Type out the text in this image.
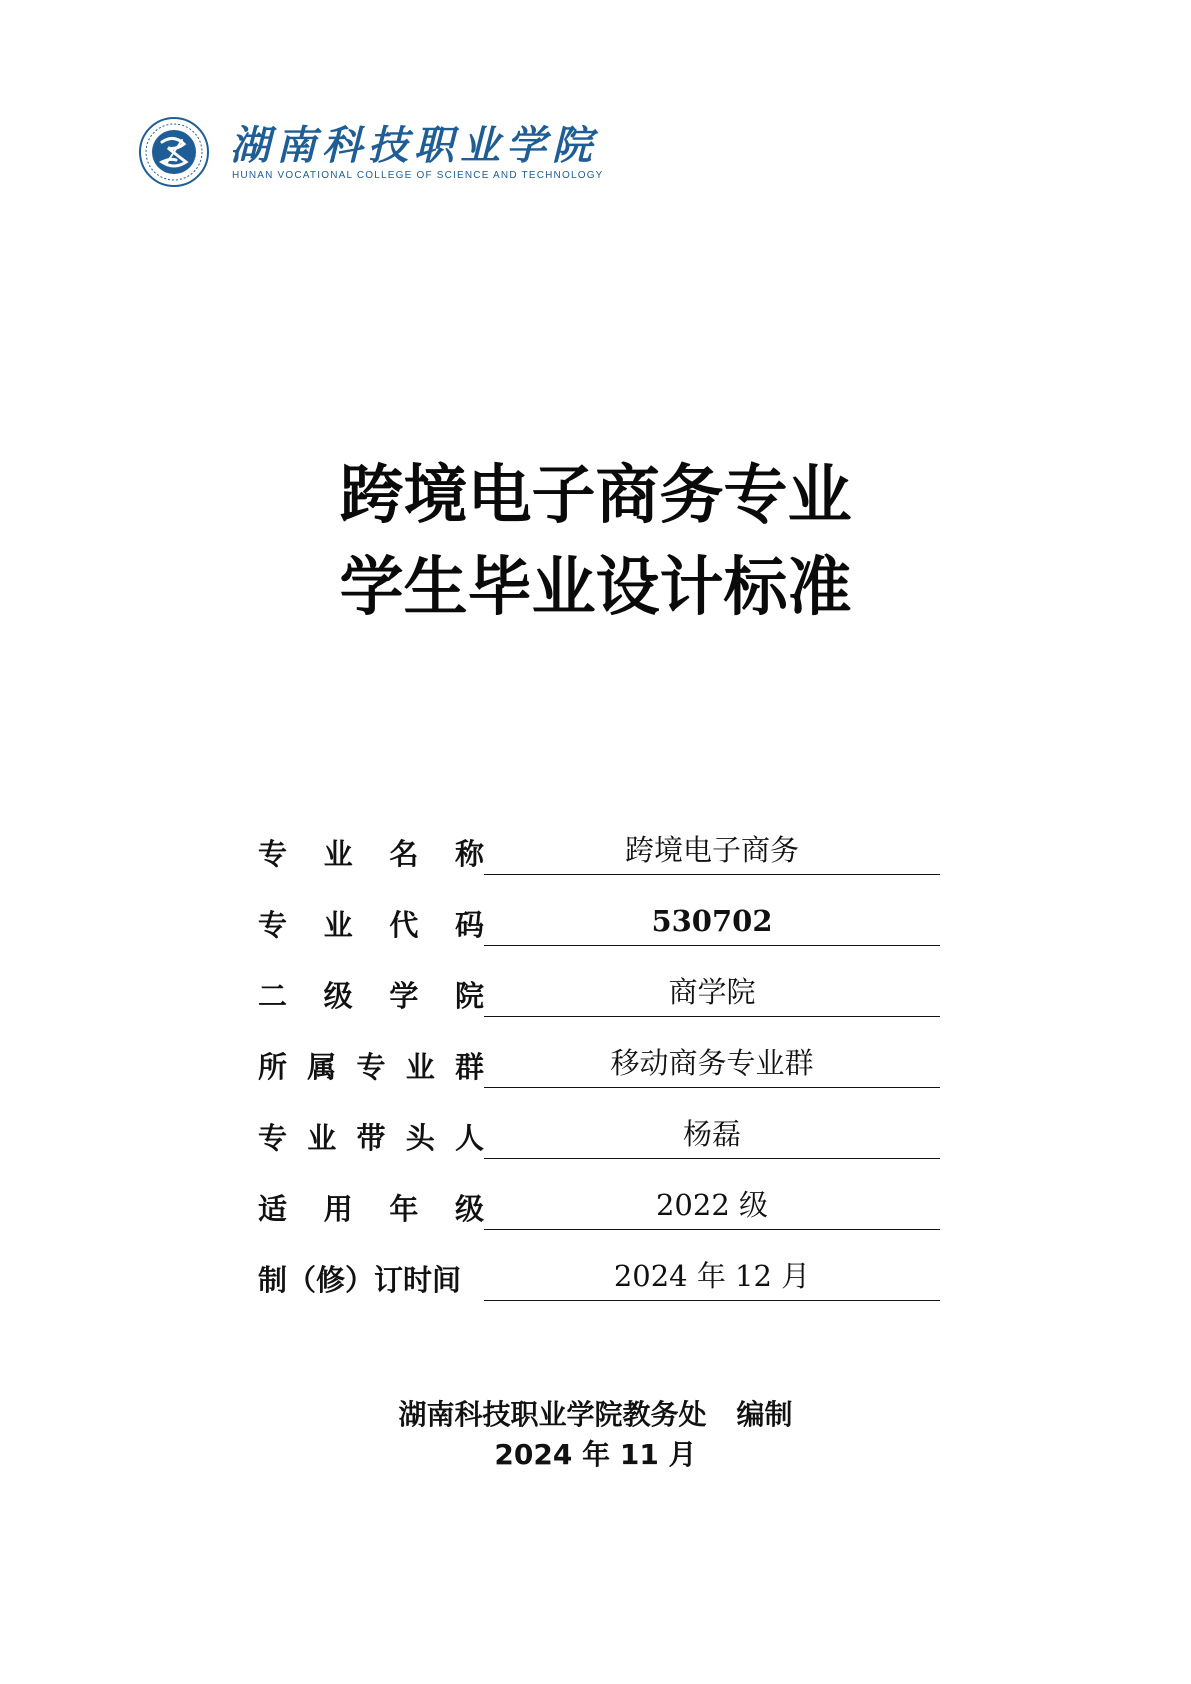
湖南科技职业学院
HUNAN VOCATIONAL COLLEGE OF SCIENCE AND TECHNOLOGY
跨境电子商务专业
学生毕业设计标准
专 业 名 称	跨境电子商务
专 业 代 码	530702
二 级 学 院	商学院
所 属 专 业 群	移动商务专业群
专 业 带 头 人	杨磊
适 用 年 级	2022 级
制（修）订时间	2024 年 12 月
湖南科技职业学院教务处 编制
2024 年 11 月
